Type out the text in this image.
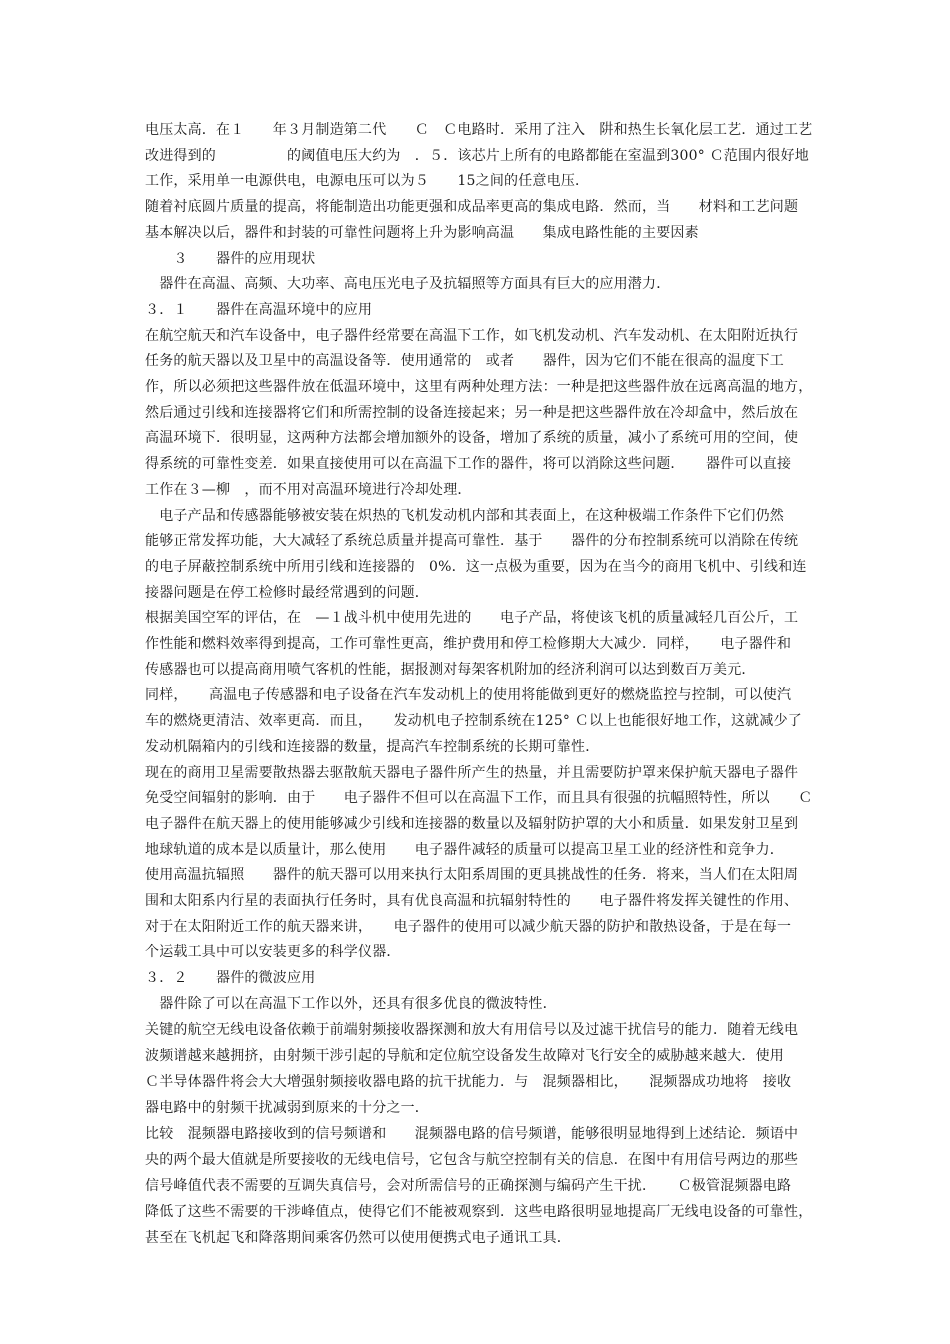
电压太高．在１　　年３月制造第二代　　Ｃ　Ｃ电路时．采用了注入　阱和热生长氧化层工艺．通过工艺
改进得到的　　　　　的阈值电压大约为　．５．该芯片上所有的电路都能在室温到300° Ｃ范围内很好地
工作，采用单一电源供电，电源电压可以为５　　15之间的任意电压．
随着衬底圆片质量的提高，将能制造出功能更强和成品率更高的集成电路．然而，当　　材料和工艺问题
基本解决以后，器件和封装的可靠性问题将上升为影响高温　　集成电路性能的主要因素
　　３　　器件的应用现状
　器件在高温、高频、大功率、高电压光电子及抗辐照等方面具有巨大的应用潜力．
３．１　　器件在高温环境中的应用
在航空航天和汽车设备中，电子器件经常要在高温下工作，如飞机发动机、汽车发动机、在太阳附近执行
任务的航天器以及卫星中的高温设备等．使用通常的　或者　　器件，因为它们不能在很高的温度下工
作，所以必须把这些器件放在低温环境中，这里有两种处理方法：一种是把这些器件放在远离高温的地方，
然后通过引线和连接器将它们和所需控制的设备连接起来；另一种是把这些器件放在冷却盒中，然后放在
高温环境下．很明显，这两种方法都会增加额外的设备，增加了系统的质量，减小了系统可用的空间，使
得系统的可靠性变差．如果直接使用可以在高温下工作的器件，将可以消除这些问题．　　器件可以直接
工作在３—柳　，而不用对高温环境进行冷却处理．
　电子产品和传感器能够被安装在炽热的飞机发动机内部和其表面上，在这种极端工作条件下它们仍然
能够正常发挥功能，大大减轻了系统总质量并提高可靠性．基于　　器件的分布控制系统可以消除在传统
的电子屏蔽控制系统中所用引线和连接器的　0%．这一点极为重要，因为在当今的商用飞机中、引线和连
接器问题是在停工检修时最经常遇到的问题．
根据美国空军的评估，在　—１战斗机中使用先进的　　电子产品，将使该飞机的质量减轻几百公斤，工
作性能和燃料效率得到提高，工作可靠性更高，维护费用和停工检修期大大减少．同样，　　电子器件和
传感器也可以提高商用喷气客机的性能，据报测对每架客机附加的经济利润可以达到数百万美元．
同样，　　高温电子传感器和电子设备在汽车发动机上的使用将能做到更好的燃烧监控与控制，可以使汽
车的燃烧更清洁、效率更高．而且，　　发动机电子控制系统在125° Ｃ以上也能很好地工作，这就减少了
发动机隔箱内的引线和连接器的数量，提高汽车控制系统的长期可靠性．
现在的商用卫星需要散热器去驱散航天器电子器件所产生的热量，并且需要防护罩来保护航天器电子器件
免受空间辐射的影响．由于　　电子器件不但可以在高温下工作，而且具有很强的抗幅照特性，所以　　Ｃ
电子器件在航天器上的使用能够减少引线和连接器的数量以及辐射防护罩的大小和质量．如果发射卫星到
地球轨道的成本是以质量计，那么使用　　电子器件减轻的质量可以提高卫星工业的经济性和竞争力．
使用高温抗辐照　　器件的航天器可以用来执行太阳系周围的更具挑战性的任务．将来，当人们在太阳周
围和太阳系内行星的表面执行任务时，具有优良高温和抗辐射特性的　　电子器件将发挥关键性的作用、
对于在太阳附近工作的航天器来讲，　　电子器件的使用可以减少航天器的防护和散热设备，于是在每一
个运载工具中可以安装更多的科学仪器．
３．２　　器件的微波应用
　器件除了可以在高温下工作以外，还具有很多优良的微波特性．
关键的航空无线电设备依赖于前端射频接收器探测和放大有用信号以及过滤干扰信号的能力．随着无线电
波频谱越来越拥挤，由射频干涉引起的导航和定位航空设备发生故障对飞行安全的威胁越来越大．使用
Ｃ半导体器件将会大大增强射频接收器电路的抗干扰能力．与　混频器相比，　　混频器成功地将　接收
器电路中的射频干扰减弱到原来的十分之一．
比较　混频器电路接收到的信号频谱和　　混频器电路的信号频谱，能够很明显地得到上述结论．频语中
央的两个最大值就是所要接收的无线电信号，它包含与航空控制有关的信息．在图中有用信号两边的那些
信号峰值代表不需要的互调失真信号，会对所需信号的正确探测与编码产生干扰．　　Ｃ极管混频器电路
降低了这些不需要的干涉峰值点，使得它们不能被观察到．这些电路很明显地提高厂无线电设备的可靠性，
甚至在飞机起飞和降落期间乘客仍然可以使用便携式电子通讯工具．
